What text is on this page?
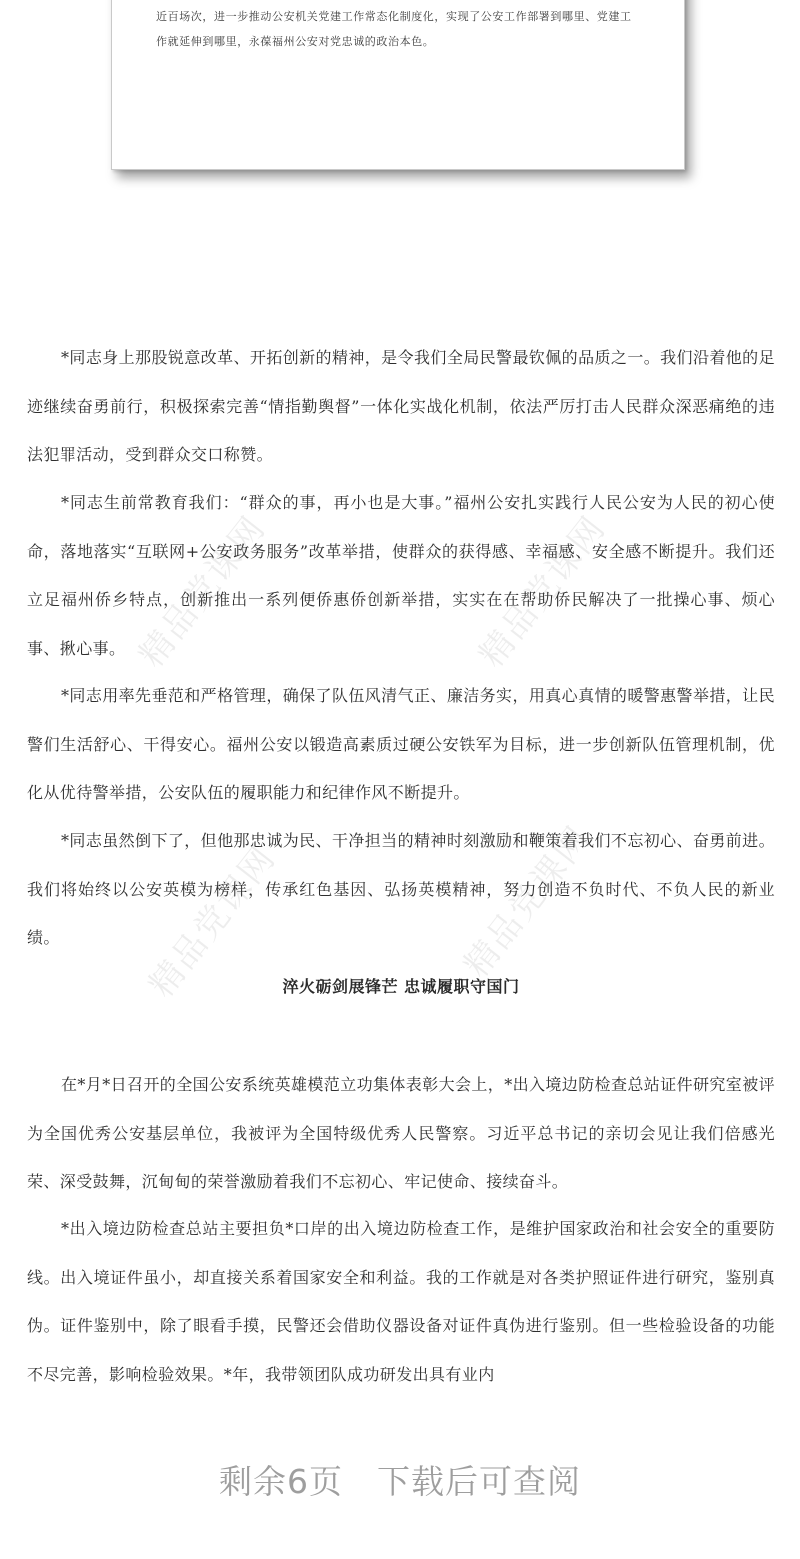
近百场次，进一步推动公安机关党建工作常态化制度化，实现了公安工作部署到哪里、党建工
作就延伸到哪里，永葆福州公安对党忠诚的政治本色。
精品党课网	精品党课网
精品党课网	精品党课网
*同志身上那股锐意改革、开拓创新的精神，是令我们全局民警最钦佩的品质之一。我们沿着他的足迹继续奋勇前行，积极探索完善“情指勤舆督”一体化实战化机制，依法严厉打击人民群众深恶痛绝的违法犯罪活动，受到群众交口称赞。
*同志生前常教育我们：“群众的事，再小也是大事。”福州公安扎实践行人民公安为人民的初心使命，落地落实“互联网+公安政务服务”改革举措，使群众的获得感、幸福感、安全感不断提升。我们还立足福州侨乡特点，创新推出一系列便侨惠侨创新举措，实实在在帮助侨民解决了一批操心事、烦心事、揪心事。
*同志用率先垂范和严格管理，确保了队伍风清气正、廉洁务实，用真心真情的暖警惠警举措，让民警们生活舒心、干得安心。福州公安以锻造高素质过硬公安铁军为目标，进一步创新队伍管理机制，优化从优待警举措，公安队伍的履职能力和纪律作风不断提升。
*同志虽然倒下了，但他那忠诚为民、干净担当的精神时刻激励和鞭策着我们不忘初心、奋勇前进。我们将始终以公安英模为榜样，传承红色基因、弘扬英模精神，努力创造不负时代、不负人民的新业绩。
淬火砺剑展锋芒 忠诚履职守国门
在*月*日召开的全国公安系统英雄模范立功集体表彰大会上，*出入境边防检查总站证件研究室被评为全国优秀公安基层单位，我被评为全国特级优秀人民警察。习近平总书记的亲切会见让我们倍感光荣、深受鼓舞，沉甸甸的荣誉激励着我们不忘初心、牢记使命、接续奋斗。
*出入境边防检查总站主要担负*口岸的出入境边防检查工作，是维护国家政治和社会安全的重要防线。出入境证件虽小，却直接关系着国家安全和利益。我的工作就是对各类护照证件进行研究，鉴别真伪。证件鉴别中，除了眼看手摸，民警还会借助仪器设备对证件真伪进行鉴别。但一些检验设备的功能不尽完善，影响检验效果。*年，我带领团队成功研发出具有业内
剩余6页 下载后可查阅
